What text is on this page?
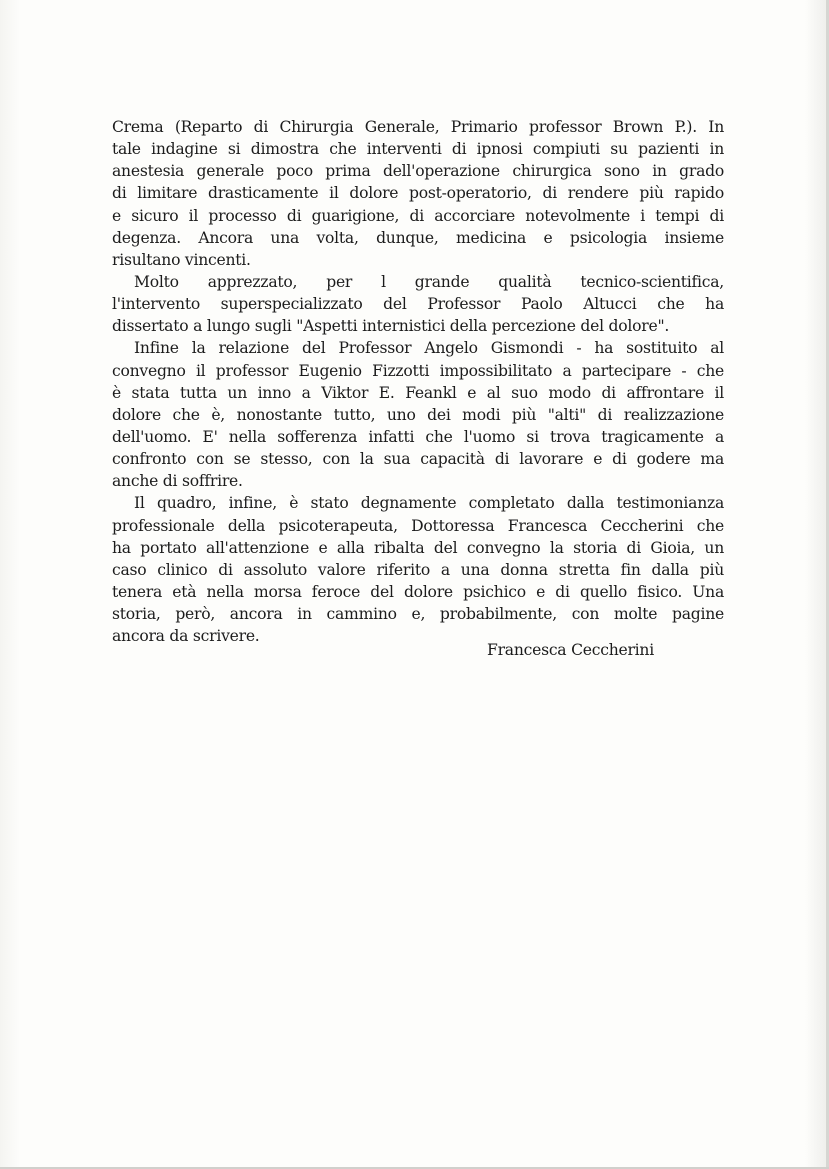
Crema (Reparto di Chirurgia Generale, Primario professor Brown P.). In
tale indagine si dimostra che interventi di ipnosi compiuti su pazienti in
anestesia generale poco prima dell'operazione chirurgica sono in grado
di limitare drasticamente il dolore post-operatorio, di rendere più rapido
e sicuro il processo di guarigione, di accorciare notevolmente i tempi di
degenza. Ancora una volta, dunque, medicina e psicologia insieme
risultano vincenti.
Molto apprezzato, per l grande qualità tecnico-scientifica,
l'intervento superspecializzato del Professor Paolo Altucci che ha
dissertato a lungo sugli "Aspetti internistici della percezione del dolore".
Infine la relazione del Professor Angelo Gismondi - ha sostituito al
convegno il professor Eugenio Fizzotti impossibilitato a partecipare - che
è stata tutta un inno a Viktor E. Feankl e al suo modo di affrontare il
dolore che è, nonostante tutto, uno dei modi più "alti" di realizzazione
dell'uomo. E' nella sofferenza infatti che l'uomo si trova tragicamente a
confronto con se stesso, con la sua capacità di lavorare e di godere ma
anche di soffrire.
Il quadro, infine, è stato degnamente completato dalla testimonianza
professionale della psicoterapeuta, Dottoressa Francesca Ceccherini che
ha portato all'attenzione e alla ribalta del convegno la storia di Gioia, un
caso clinico di assoluto valore riferito a una donna stretta fin dalla più
tenera età nella morsa feroce del dolore psichico e di quello fisico. Una
storia, però, ancora in cammino e, probabilmente, con molte pagine
ancora da scrivere.
Francesca Ceccherini
